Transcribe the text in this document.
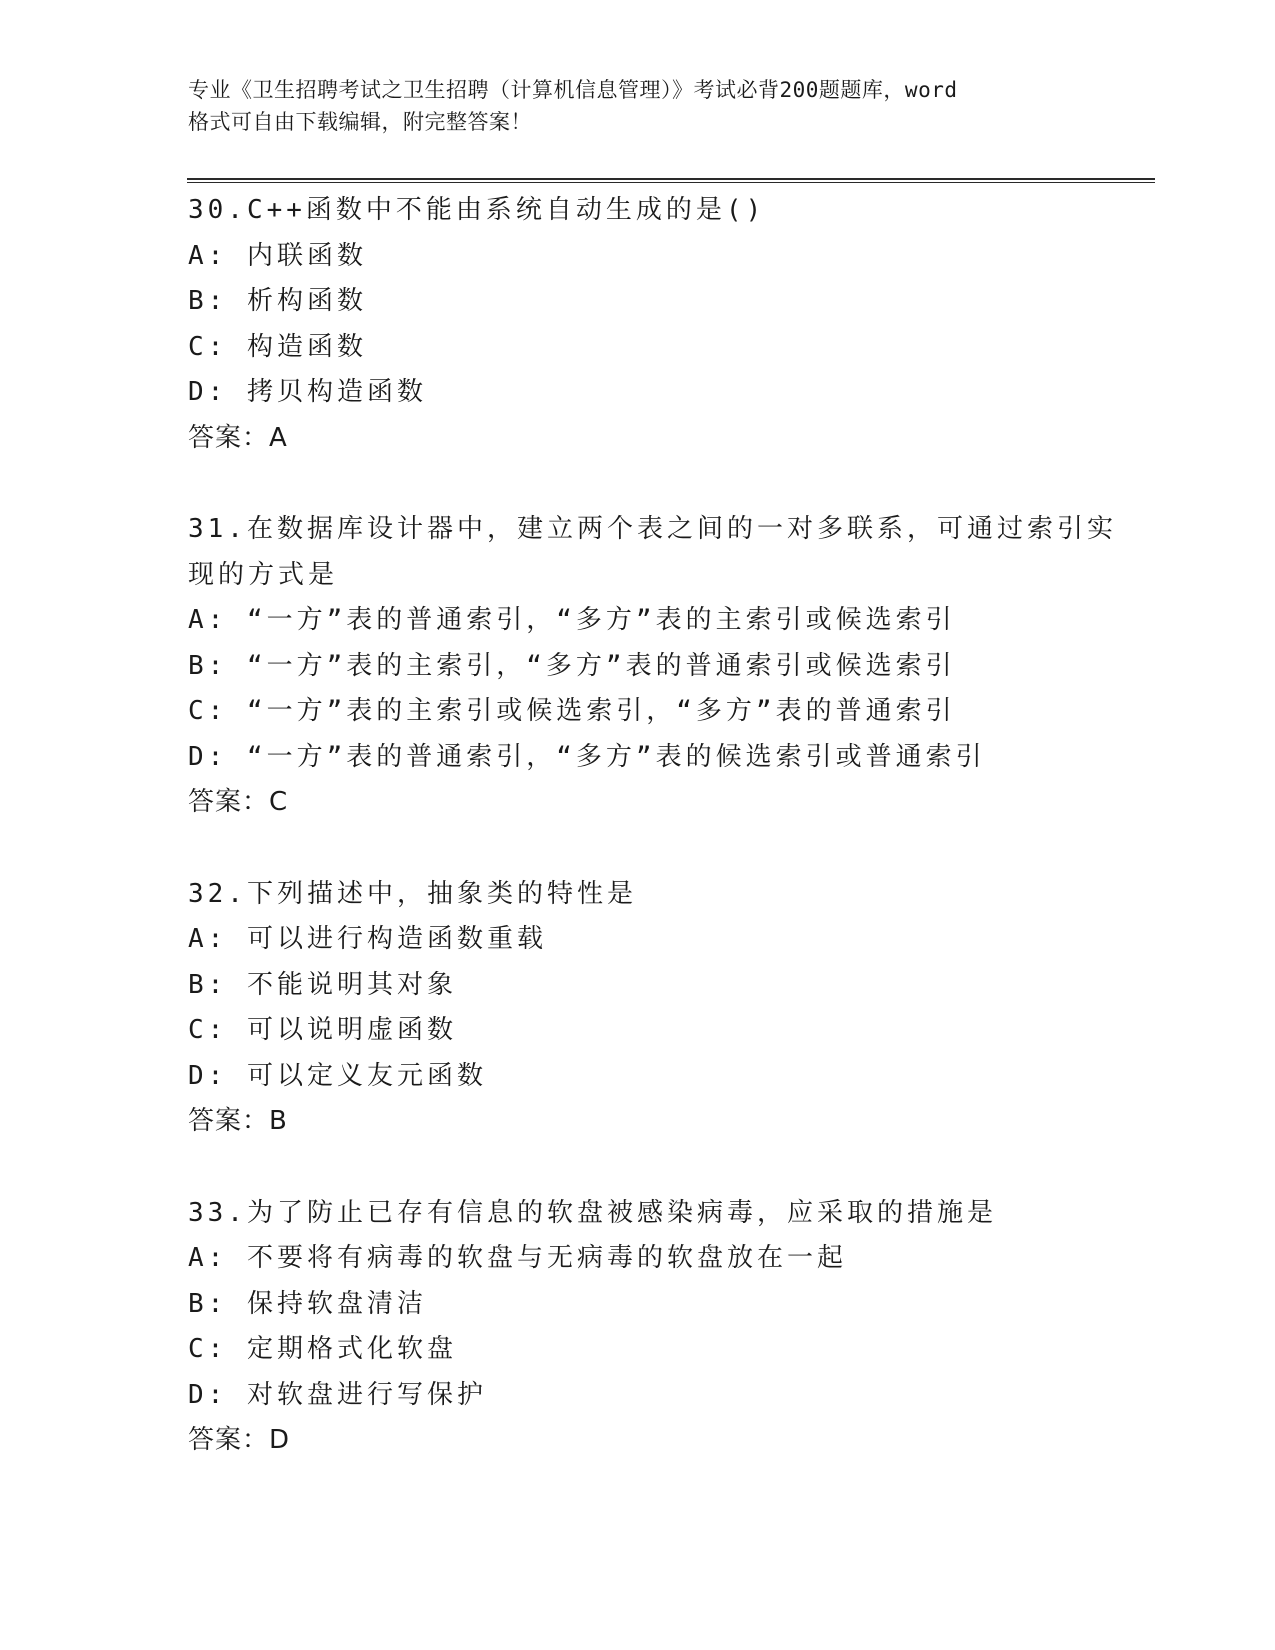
专业《卫生招聘考试之卫生招聘（计算机信息管理）》考试必背200题题库，word
格式可自由下载编辑，附完整答案！
30.C++函数中不能由系统自动生成的是()
A: 内联函数
B: 析构函数
C: 构造函数
D: 拷贝构造函数
答案：A
31.在数据库设计器中，建立两个表之间的一对多联系，可通过索引实
现的方式是
A: “一方”表的普通索引，“多方”表的主索引或候选索引
B: “一方”表的主索引，“多方”表的普通索引或候选索引
C: “一方”表的主索引或候选索引，“多方”表的普通索引
D: “一方”表的普通索引，“多方”表的候选索引或普通索引
答案：C
32.下列描述中，抽象类的特性是
A: 可以进行构造函数重载
B: 不能说明其对象
C: 可以说明虚函数
D: 可以定义友元函数
答案：B
33.为了防止已存有信息的软盘被感染病毒，应采取的措施是
A: 不要将有病毒的软盘与无病毒的软盘放在一起
B: 保持软盘清洁
C: 定期格式化软盘
D: 对软盘进行写保护
答案：D
